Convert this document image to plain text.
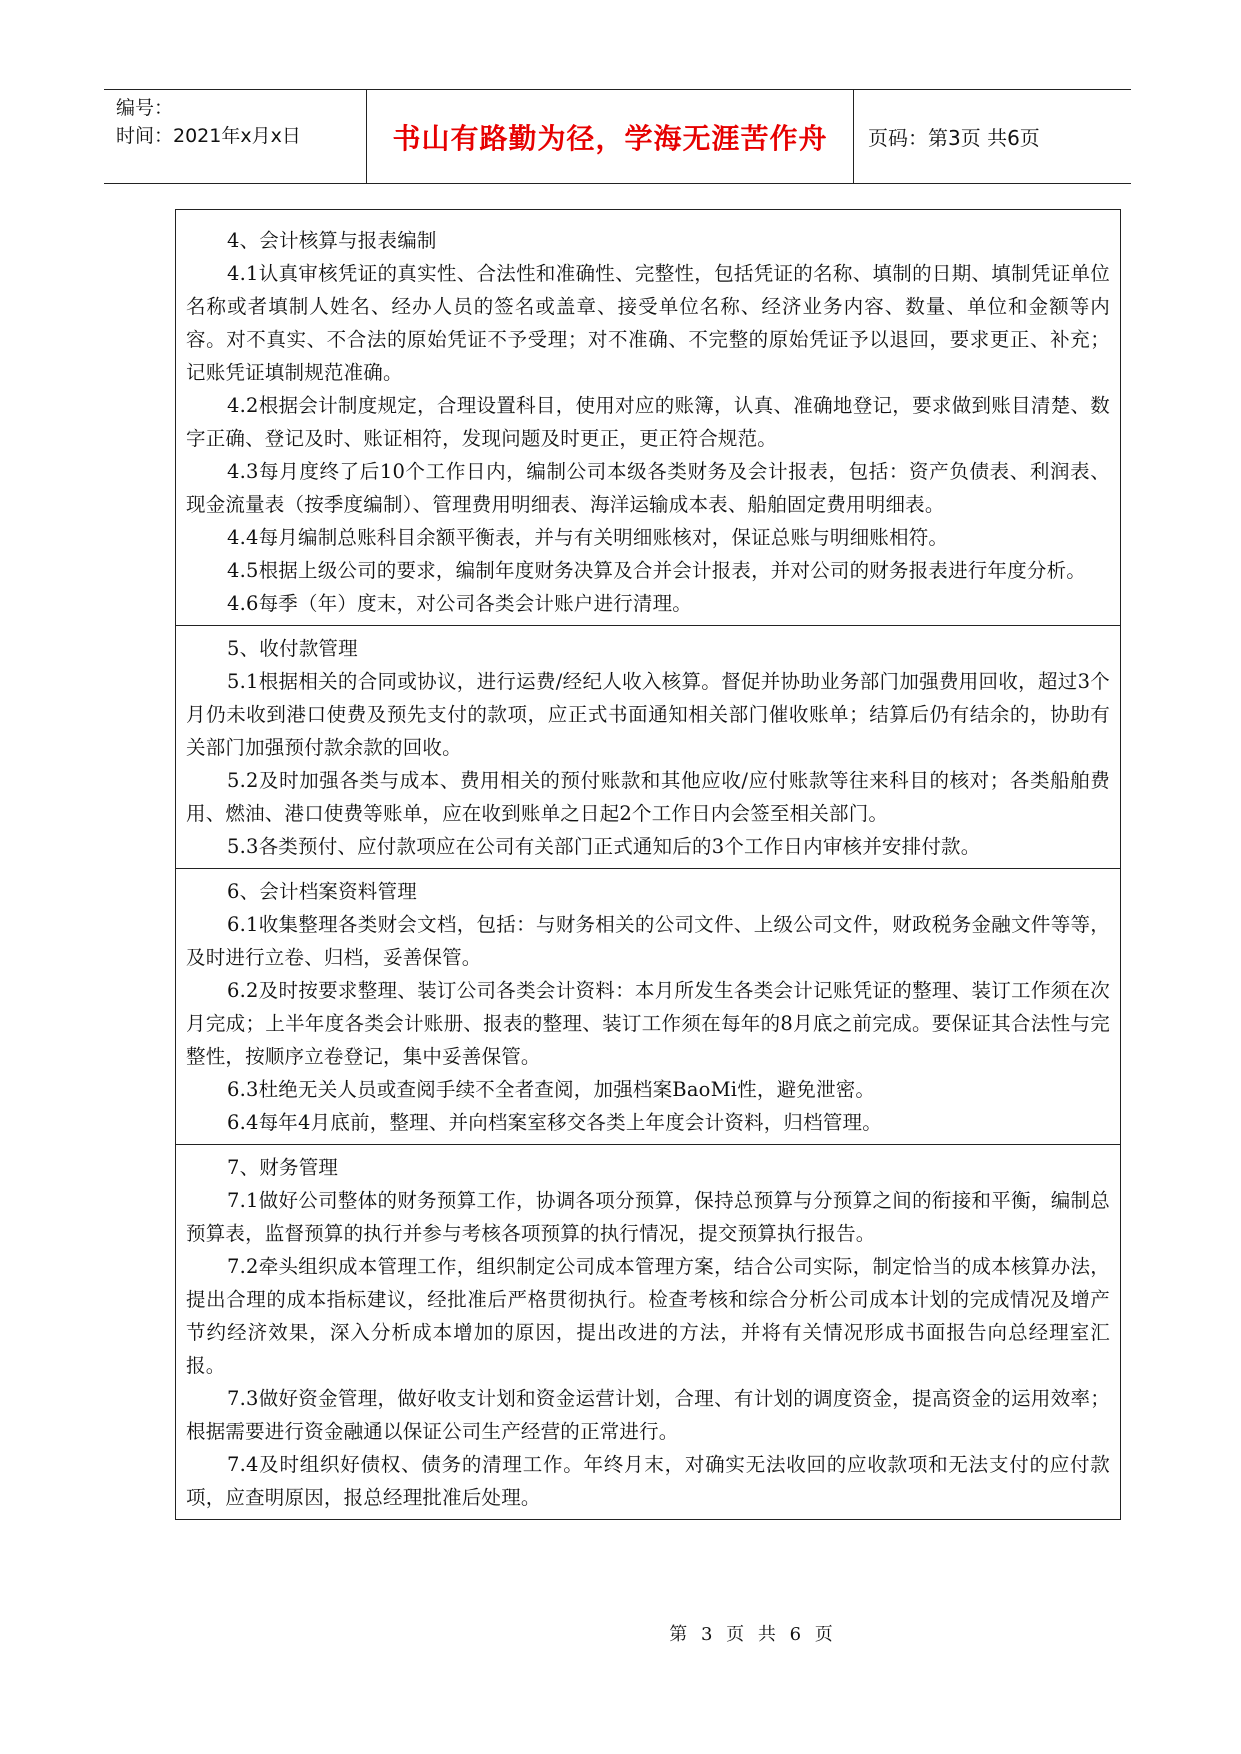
编号：
时间：2021年x月x日	书山有路勤为径，学海无涯苦作舟 页码：第3页 共6页

4、会计核算与报表编制

4.1认真审核凭证的真实性、合法性和准确性、完整性，包括凭证的名称、填制的日期、填制凭证单位名称或者填制人姓名、经办人员的签名或盖章、接受单位名称、经济业务内容、数量、单位和金额等内容。对不真实、不合法的原始凭证不予受理；对不准确、不完整的原始凭证予以退回，要求更正、补充；记账凭证填制规范准确。

4.2根据会计制度规定，合理设置科目，使用对应的账簿，认真、准确地登记，要求做到账目清楚、数字正确、登记及时、账证相符，发现问题及时更正，更正符合规范。

4.3每月度终了后10个工作日内，编制公司本级各类财务及会计报表，包括：资产负债表、利润表、现金流量表（按季度编制）、管理费用明细表、海洋运输成本表、船舶固定费用明细表。

4.4每月编制总账科目余额平衡表，并与有关明细账核对，保证总账与明细账相符。

4.5根据上级公司的要求，编制年度财务决算及合并会计报表，并对公司的财务报表进行年度分析。

4.6每季（年）度末，对公司各类会计账户进行清理。

5、收付款管理

5.1根据相关的合同或协议，进行运费/经纪人收入核算。督促并协助业务部门加强费用回收，超过3个月仍未收到港口使费及预先支付的款项，应正式书面通知相关部门催收账单；结算后仍有结余的，协助有关部门加强预付款余款的回收。

5.2及时加强各类与成本、费用相关的预付账款和其他应收/应付账款等往来科目的核对；各类船舶费用、燃油、港口使费等账单，应在收到账单之日起2个工作日内会签至相关部门。

5.3各类预付、应付款项应在公司有关部门正式通知后的3个工作日内审核并安排付款。

6、会计档案资料管理

6.1收集整理各类财会文档，包括：与财务相关的公司文件、上级公司文件，财政税务金融文件等等，及时进行立卷、归档，妥善保管。

6.2及时按要求整理、装订公司各类会计资料：本月所发生各类会计记账凭证的整理、装订工作须在次月完成；上半年度各类会计账册、报表的整理、装订工作须在每年的8月底之前完成。要保证其合法性与完整性，按顺序立卷登记，集中妥善保管。

6.3杜绝无关人员或查阅手续不全者查阅，加强档案BaoMi性，避免泄密。

6.4每年4月底前，整理、并向档案室移交各类上年度会计资料，归档管理。

7、财务管理

7.1做好公司整体的财务预算工作，协调各项分预算，保持总预算与分预算之间的衔接和平衡，编制总预算表，监督预算的执行并参与考核各项预算的执行情况，提交预算执行报告。

7.2牵头组织成本管理工作，组织制定公司成本管理方案，结合公司实际，制定恰当的成本核算办法，提出合理的成本指标建议，经批准后严格贯彻执行。检查考核和综合分析公司成本计划的完成情况及增产节约经济效果，深入分析成本增加的原因，提出改进的方法，并将有关情况形成书面报告向总经理室汇报。

7.3做好资金管理，做好收支计划和资金运营计划，合理、有计划的调度资金，提高资金的运用效率；根据需要进行资金融通以保证公司生产经营的正常进行。

7.4及时组织好债权、债务的清理工作。年终月末，对确实无法收回的应收款项和无法支付的应付款项，应查明原因，报总经理批准后处理。

第 3 页 共 6 页
